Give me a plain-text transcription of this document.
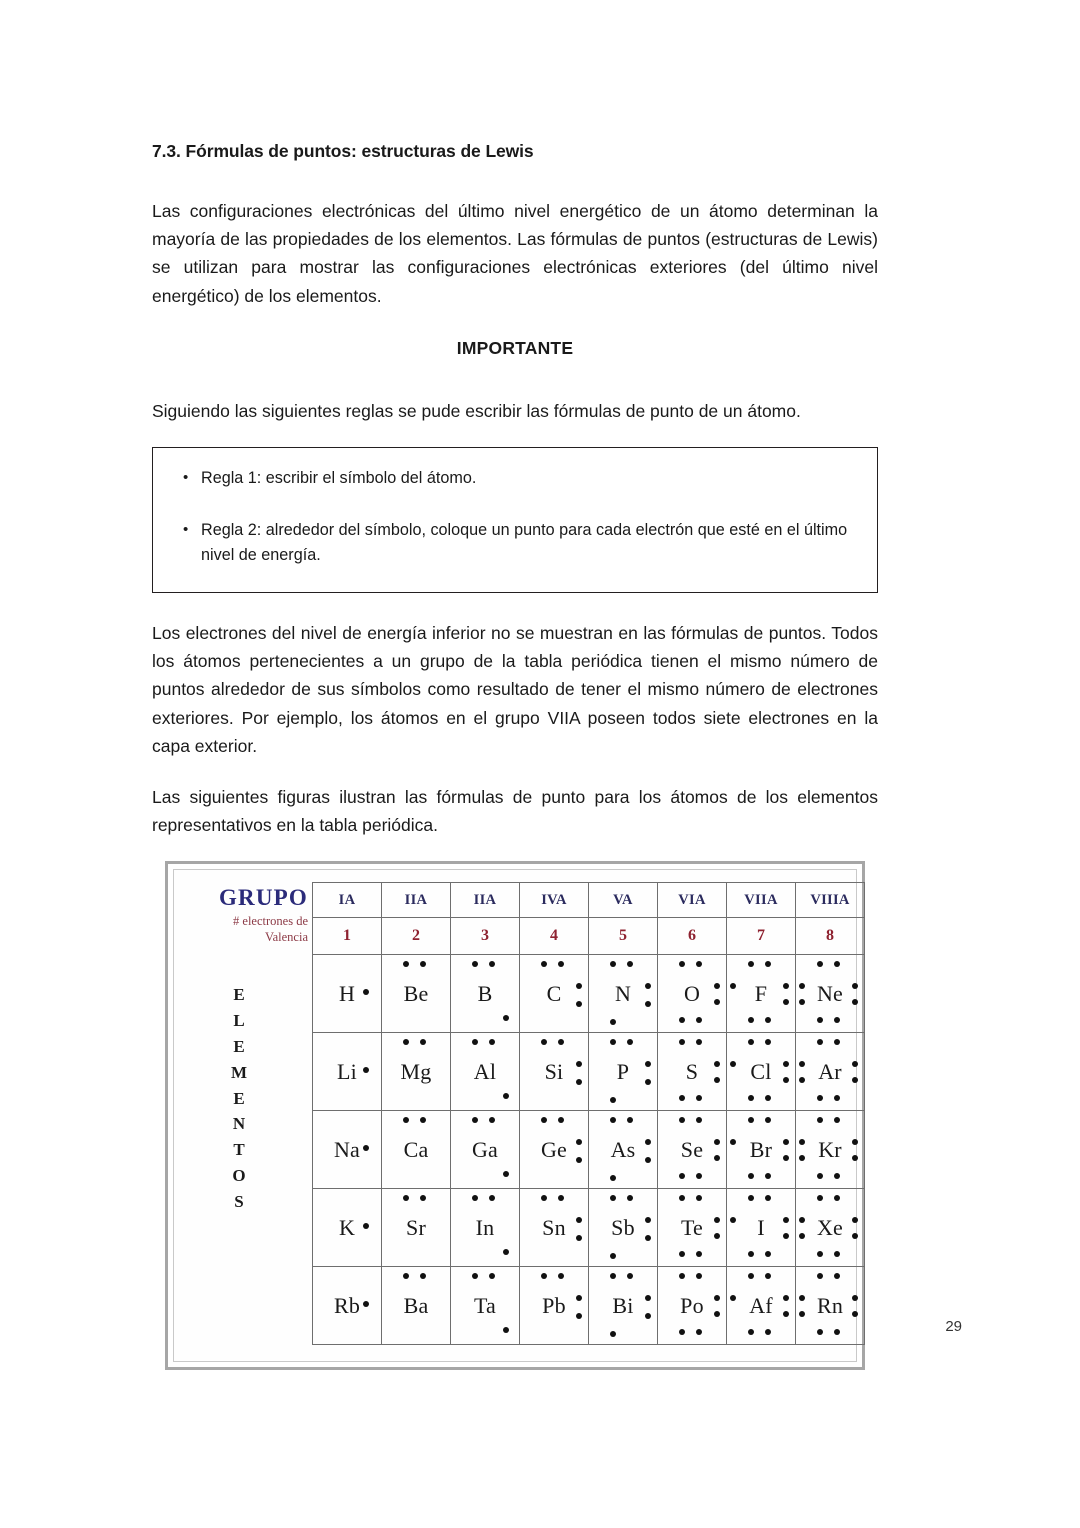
7.3. Fórmulas de puntos: estructuras de Lewis

Las configuraciones electrónicas del último nivel energético de un átomo determinan la mayoría de las propiedades de los elementos. Las fórmulas de puntos (estructuras de Lewis) se utilizan para mostrar las configuraciones electrónicas exteriores (del último nivel energético) de los elementos.

IMPORTANTE

Siguiendo las siguientes reglas se pude escribir las fórmulas de punto de un átomo.

• Regla 1: escribir el símbolo del átomo.
• Regla 2: alrededor del símbolo, coloque un punto para cada electrón que esté en el último nivel de energía.

Los electrones del nivel de energía inferior no se muestran en las fórmulas de puntos. Todos los átomos pertenecientes a un grupo de la tabla periódica tienen el mismo número de puntos alrededor de sus símbolos como resultado de tener el mismo número de electrones exteriores. Por ejemplo, los átomos en el grupo VIIA poseen todos siete electrones en la capa exterior.

Las siguientes figuras ilustran las fórmulas de punto para los átomos de los elementos representativos en la tabla periódica.

GRUPO
# electrones de
Valencia
E
L
E
M
E
N
T
O
S
IA	IIA	IIA	IVA	VA	VIA	VIIA	VIIIA
1	2	3	4	5	6	7	8

H	Be	B	C	N	O	F	Ne

Li	Mg	Al	Si	P	S	Cl	Ar

Na	Ca	Ga	Ge	As	Se	Br	Kr

K	Sr	In	Sn	Sb	Te	I	Xe

Rb	Ba	Ta	Pb	Bi	Po	Af	Rn
29
